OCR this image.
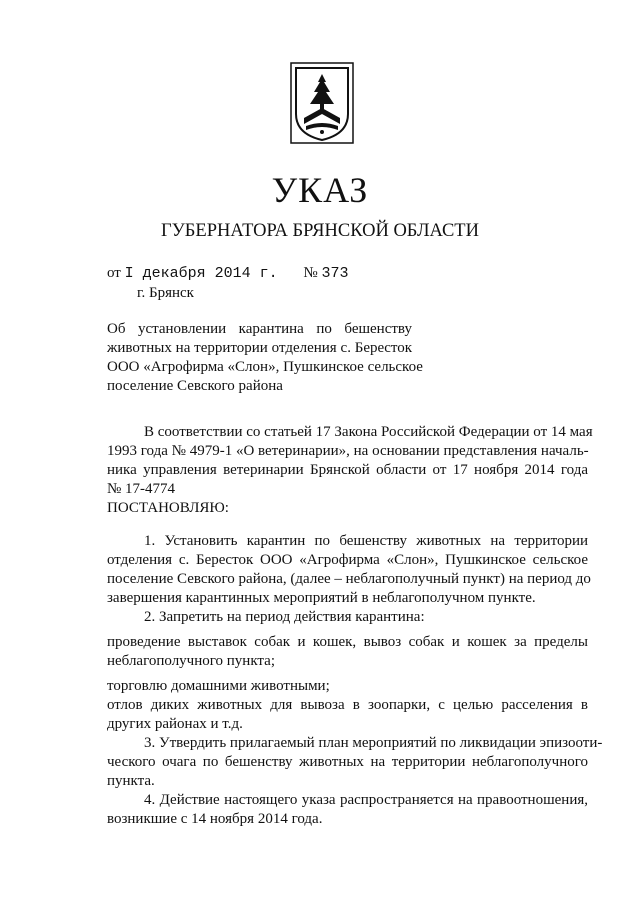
УКАЗ
ГУБЕРНАТОРА БРЯНСКОЙ ОБЛАСТИ
от I декабря 2014 г. № 373
г. Брянск
Об установлении карантина по бешенству
животных на территории отделения с. Береcток
ООО «Агрофирма «Слон», Пушкинское сельское
поселение Севского района
В соответствии со статьей 17 Закона Российской Федерации от 14 мая
1993 года № 4979-1 «О ветеринарии», на основании представления началь-
ника управления ветеринарии Брянской области от 17 ноября 2014 года
№ 17-4774
ПОСТАНОВЛЯЮ:
1. Установить карантин по бешенству животных на территории
отделения с. Береcток ООО «Агрофирма «Слон», Пушкинское сельское
поселение Севского района, (далее – неблагополучный пункт) на период до
завершения карантинных мероприятий в неблагополучном пункте.
2. Запретить на период действия карантина:
проведение выставок собак и кошек, вывоз собак и кошек за пределы
неблагополучного пункта;
торговлю домашними животными;
отлов диких животных для вывоза в зоопарки, с целью расселения в
других районах и т.д.
3. Утвердить прилагаемый план мероприятий по ликвидации эпизооти-
ческого очага по бешенству животных на территории неблагополучного
пункта.
4. Действие настоящего указа распространяется на правоотношения,
возникшие с 14 ноября 2014 года.
